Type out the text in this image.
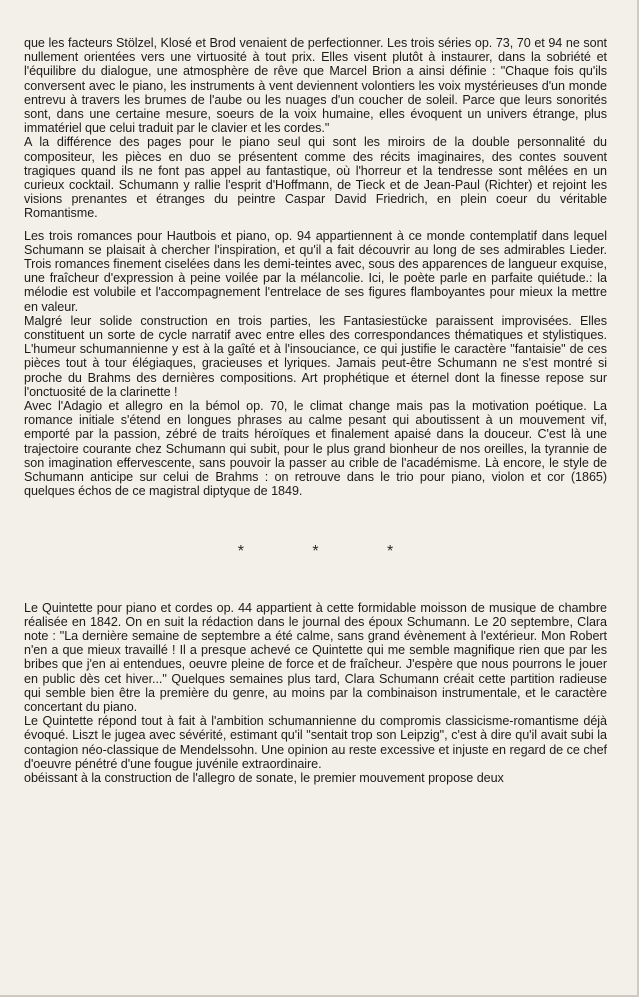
que les facteurs Stölzel, Klosé et Brod venaient de perfectionner. Les trois séries op. 73, 70 et 94 ne sont nullement orientées vers une virtuosité à tout prix. Elles visent plutôt à instaurer, dans la sobriété et l'équilibre du dialogue, une atmosphère de rêve que Marcel Brion a ainsi définie : "Chaque fois qu'ils conversent avec le piano, les instruments à vent deviennent volontiers les voix mystérieuses d'un monde entrevu à travers les brumes de l'aube ou les nuages d'un coucher de soleil. Parce que leurs sonorités sont, dans une certaine mesure, soeurs de la voix humaine, elles évoquent un univers étrange, plus immatériel que celui traduit par le clavier et les cordes."

A la différence des pages pour le piano seul qui sont les miroirs de la double personnalité du compositeur, les pièces en duo se présentent comme des récits imaginaires, des contes souvent tragiques quand ils ne font pas appel au fantastique, où l'horreur et la tendresse sont mêlées en un curieux cocktail. Schumann y rallie l'esprit d'Hoffmann, de Tieck et de Jean-Paul (Richter) et rejoint les visions prenantes et étranges du peintre Caspar David Friedrich, en plein coeur du véritable Romantisme.

Les trois romances pour Hautbois et piano, op. 94 appartiennent à ce monde contemplatif dans lequel Schumann se plaisait à chercher l'inspiration, et qu'il a fait découvrir au long de ses admirables Lieder. Trois romances finement ciselées dans les demi-teintes avec, sous des apparences de langueur exquise, une fraîcheur d'expression à peine voilée par la mélancolie. Ici, le poète parle en parfaite quiétude.: la mélodie est volubile et l'accompagnement l'entrelace de ses figures flamboyantes pour mieux la mettre en valeur.

Malgré leur solide construction en trois parties, les Fantasiestücke paraissent improvisées. Elles constituent un sorte de cycle narratif avec entre elles des correspondances thématiques et stylistiques. L'humeur schumannienne y est à la gaîté et à l'insouciance, ce qui justifie le caractère "fantaisie" de ces pièces tout à tour élégiaques, gracieuses et lyriques. Jamais peut-être Schumann ne s'est montré si proche du Brahms des dernières compositions. Art prophétique et éternel dont la finesse repose sur l'onctuosité de la clarinette !

Avec l'Adagio et allegro en la bémol op. 70, le climat change mais pas la motivation poétique. La romance initiale s'étend en longues phrases au calme pesant qui aboutissent à un mouvement vif, emporté par la passion, zébré de traits héroïques et finalement apaisé dans la douceur. C'est là une trajectoire courante chez Schumann qui subit, pour le plus grand bionheur de nos oreilles, la tyrannie de son imagination effervescente, sans pouvoir la passer au crible de l'académisme. Là encore, le style de Schumann anticipe sur celui de Brahms : on retrouve dans le trio pour piano, violon et cor (1865) quelques échos de ce magistral diptyque de 1849.

* * *

Le Quintette pour piano et cordes op. 44 appartient à cette formidable moisson de musique de chambre réalisée en 1842. On en suit la rédaction dans le journal des époux Schumann. Le 20 septembre, Clara note : "La dernière semaine de septembre a été calme, sans grand évènement à l'extérieur. Mon Robert n'en a que mieux travaillé ! Il a presque achevé ce Quintette qui me semble magnifique rien que par les bribes que j'en ai entendues, oeuvre pleine de force et de fraîcheur. J'espère que nous pourrons le jouer en public dès cet hiver..." Quelques semaines plus tard, Clara Schumann créait cette partition radieuse qui semble bien être la première du genre, au moins par la combinaison instrumentale, et le caractère concertant du piano.

Le Quintette répond tout à fait à l'ambition schumannienne du compromis classicisme-romantisme déjà évoqué. Liszt le jugea avec sévérité, estimant qu'il "sentait trop son Leipzig", c'est à dire qu'il avait subi la contagion néo-classique de Mendelssohn. Une opinion au reste excessive et injuste en regard de ce chef d'oeuvre pénétré d'une fougue juvénile extraordinaire.

obéissant à la construction de l'allegro de sonate, le premier mouvement propose deux
